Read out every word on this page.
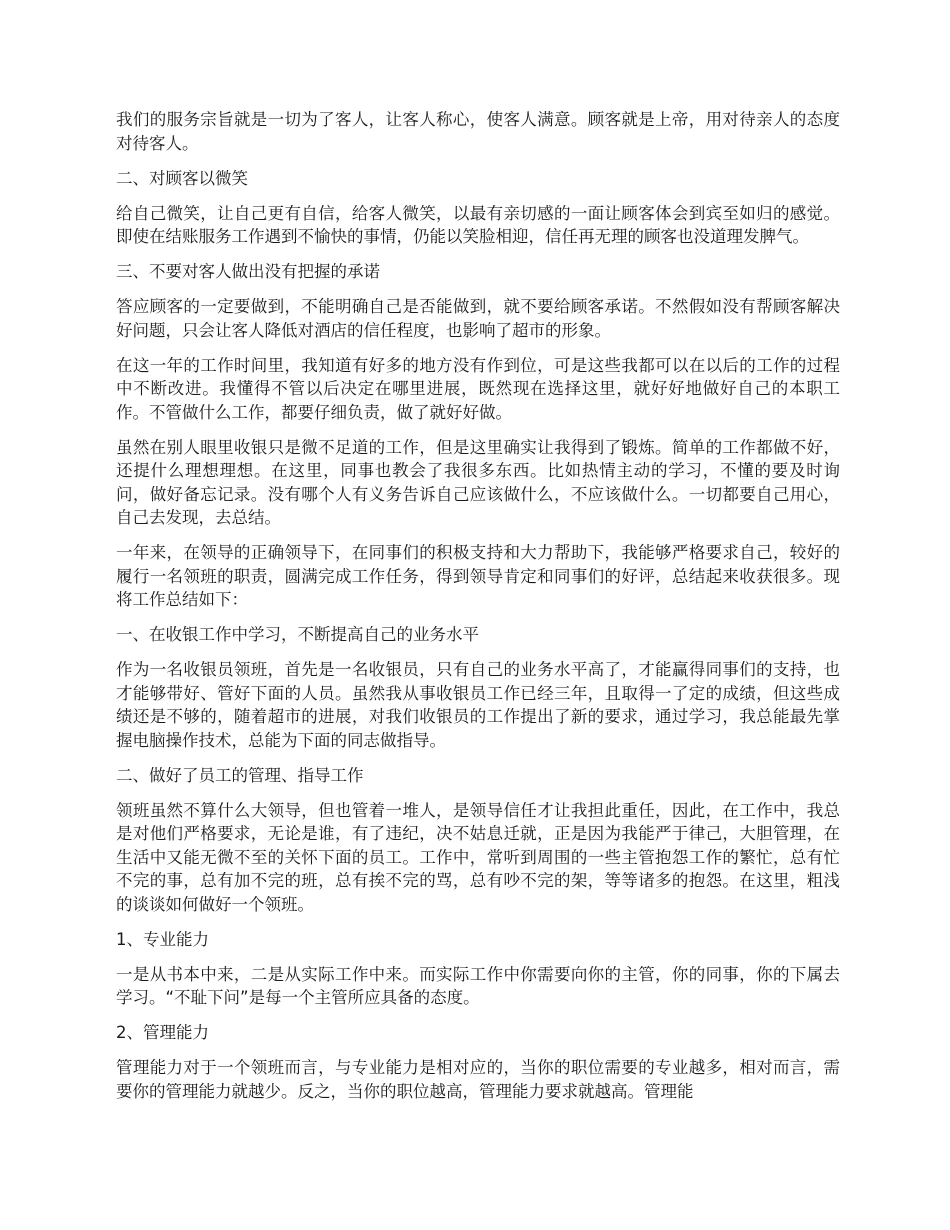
我们的服务宗旨就是一切为了客人，让客人称心，使客人满意。顾客就是上帝，用对待亲人的态度对待客人。

二、对顾客以微笑

给自己微笑，让自己更有自信，给客人微笑，以最有亲切感的一面让顾客体会到宾至如归的感觉。即使在结账服务工作遇到不愉快的事情，仍能以笑脸相迎，信任再无理的顾客也没道理发脾气。

三、不要对客人做出没有把握的承诺

答应顾客的一定要做到，不能明确自己是否能做到，就不要给顾客承诺。不然假如没有帮顾客解决好问题，只会让客人降低对酒店的信任程度，也影响了超市的形象。

在这一年的工作时间里，我知道有好多的地方没有作到位，可是这些我都可以在以后的工作的过程中不断改进。我懂得不管以后决定在哪里进展，既然现在选择这里，就好好地做好自己的本职工作。不管做什么工作，都要仔细负责，做了就好好做。

虽然在别人眼里收银只是微不足道的工作，但是这里确实让我得到了锻炼。简单的工作都做不好，还提什么理想理想。在这里，同事也教会了我很多东西。比如热情主动的学习，不懂的要及时询问，做好备忘记录。没有哪个人有义务告诉自己应该做什么，不应该做什么。一切都要自己用心，自己去发现，去总结。

一年来，在领导的正确领导下，在同事们的积极支持和大力帮助下，我能够严格要求自己，较好的履行一名领班的职责，圆满完成工作任务，得到领导肯定和同事们的好评，总结起来收获很多。现将工作总结如下：

一、在收银工作中学习，不断提高自己的业务水平

作为一名收银员领班，首先是一名收银员，只有自己的业务水平高了，才能赢得同事们的支持，也才能够带好、管好下面的人员。虽然我从事收银员工作已经三年，且取得一了定的成绩，但这些成绩还是不够的，随着超市的进展，对我们收银员的工作提出了新的要求，通过学习，我总能最先掌握电脑操作技术，总能为下面的同志做指导。

二、做好了员工的管理、指导工作

领班虽然不算什么大领导，但也管着一堆人，是领导信任才让我担此重任，因此，在工作中，我总是对他们严格要求，无论是谁，有了违纪，决不姑息迁就，正是因为我能严于律己，大胆管理，在生活中又能无微不至的关怀下面的员工。工作中，常听到周围的一些主管抱怨工作的繁忙，总有忙不完的事，总有加不完的班，总有挨不完的骂，总有吵不完的架，等等诸多的抱怨。在这里，粗浅的谈谈如何做好一个领班。

1、专业能力

一是从书本中来，二是从实际工作中来。而实际工作中你需要向你的主管，你的同事，你的下属去学习。“不耻下问”是每一个主管所应具备的态度。

2、管理能力

管理能力对于一个领班而言，与专业能力是相对应的，当你的职位需要的专业越多，相对而言，需要你的管理能力就越少。反之，当你的职位越高，管理能力要求就越高。管理能
